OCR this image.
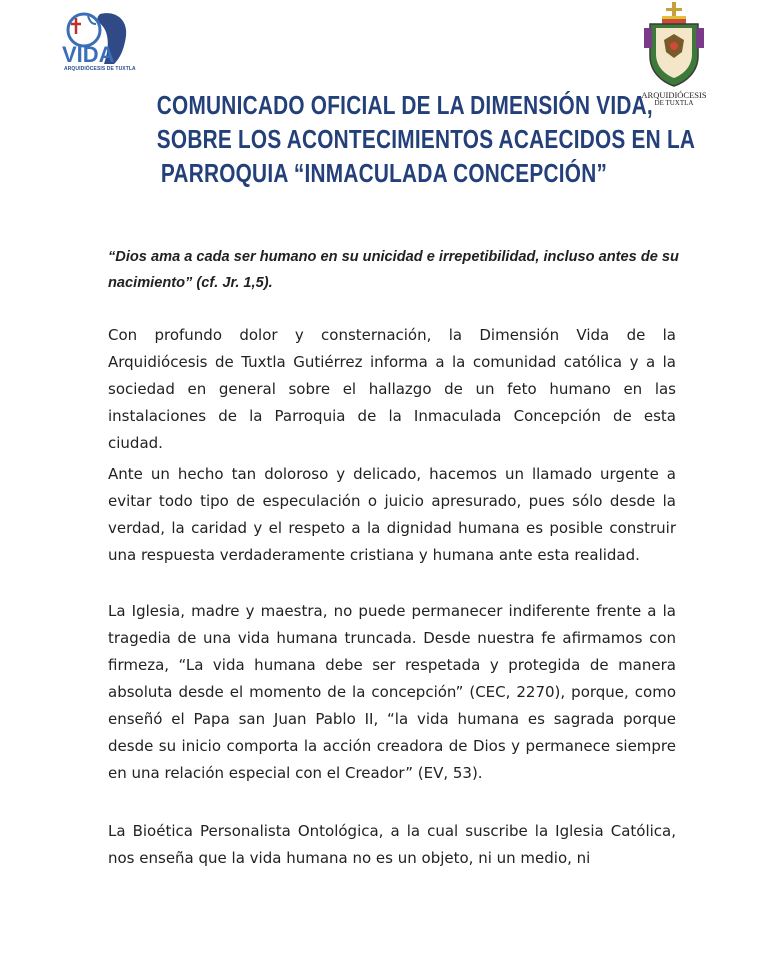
VIDA
ARQUIDIÓCESIS DE TUXTLA
ARQUIDIÓCESIS
DE TUXTLA
COMUNICADO OFICIAL DE LA DIMENSIÓN VIDA,
SOBRE LOS ACONTECIMIENTOS ACAECIDOS EN LA
PARROQUIA “INMACULADA CONCEPCIÓN”
“Dios ama a cada ser humano en su unicidad e irrepetibilidad, incluso antes de su
nacimiento” (cf. Jr. 1,5).
Con profundo dolor y consternación, la Dimensión Vida de la
Arquidiócesis de Tuxtla Gutiérrez informa a la comunidad católica y a la
sociedad en general sobre el hallazgo de un feto humano en las
instalaciones de la Parroquia de la Inmaculada Concepción de esta
ciudad.
Ante un hecho tan doloroso y delicado, hacemos un llamado urgente a
evitar todo tipo de especulación o juicio apresurado, pues sólo desde la
verdad, la caridad y el respeto a la dignidad humana es posible construir
una respuesta verdaderamente cristiana y humana ante esta realidad.
La Iglesia, madre y maestra, no puede permanecer indiferente frente a la
tragedia de una vida humana truncada. Desde nuestra fe afirmamos con
firmeza, “La vida humana debe ser respetada y protegida de manera
absoluta desde el momento de la concepción” (CEC, 2270), porque, como
enseñó el Papa san Juan Pablo II, “la vida humana es sagrada porque
desde su inicio comporta la acción creadora de Dios y permanece siempre
en una relación especial con el Creador” (EV, 53).
La Bioética Personalista Ontológica, a la cual suscribe la Iglesia Católica,
nos enseña que la vida humana no es un objeto, ni un medio, ni
